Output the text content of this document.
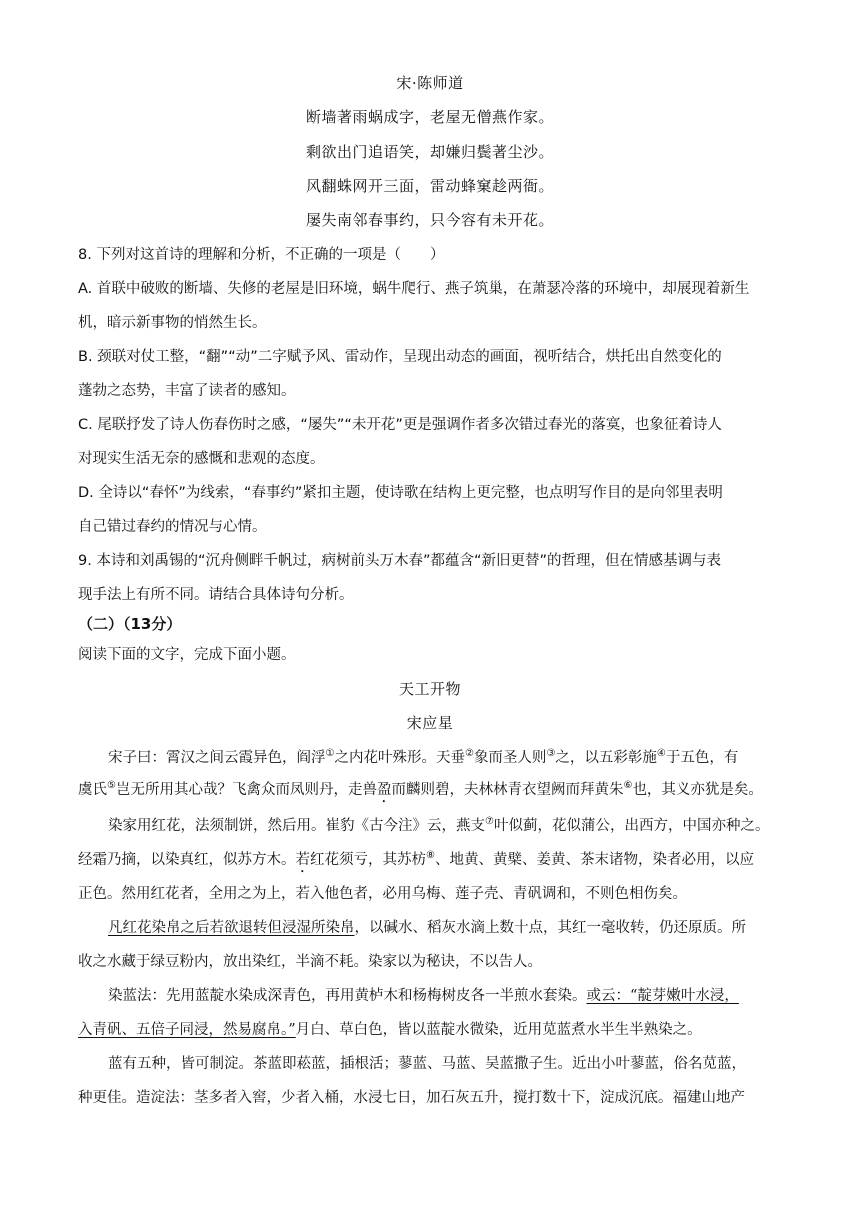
宋·陈师道
断墙著雨蜗成字，老屋无僧燕作家。
剩欲出门追语笑，却嫌归鬓著尘沙。
风翻蛛网开三面，雷动蜂窠趁两衙。
屡失南邻春事约，只今容有未开花。
8. 下列对这首诗的理解和分析，不正确的一项是（　　）
A. 首联中破败的断墙、失修的老屋是旧环境，蜗牛爬行、燕子筑巢，在萧瑟冷落的环境中，却展现着新生
机，暗示新事物的悄然生长。
B. 颈联对仗工整，“翻”“动”二字赋予风、雷动作，呈现出动态的画面，视听结合，烘托出自然变化的
蓬勃之态势，丰富了读者的感知。
C. 尾联抒发了诗人伤春伤时之感，“屡失”“未开花”更是强调作者多次错过春光的落寞，也象征着诗人
对现实生活无奈的感慨和悲观的态度。
D. 全诗以“春怀”为线索，“春事约”紧扣主题，使诗歌在结构上更完整，也点明写作目的是向邻里表明
自己错过春约的情况与心情。
9. 本诗和刘禹锡的“沉舟侧畔千帆过，病树前头万木春”都蕴含“新旧更替”的哲理，但在情感基调与表
现手法上有所不同。请结合具体诗句分析。
（二）（13分）
阅读下面的文字，完成下面小题。
天工开物
宋应星
宋子曰：霄汉之间云霞异色，阎浮①之内花叶殊形。天垂②象而圣人则③之，以五彩彰施④于五色，有
虞氏⑤岂无所用其心哉？飞禽众而凤则丹，走兽盈而麟则碧，夫林林青衣望阙而拜黄朱⑥也，其义亦犹是矣。
染家用红花，法须制饼，然后用。崔豹《古今注》云，燕支⑦叶似蓟，花似蒲公，出西方，中国亦种之。
经霜乃摘，以染真红，似苏方木。若红花须亏，其苏枋⑧、地黄、黄檗、姜黄、茶末诸物，染者必用，以应
正色。然用红花者，全用之为上，若入他色者，必用乌梅、莲子壳、青矾调和，不则色相伤矣。
凡红花染帛之后若欲退转但浸湿所染帛，以碱水、稻灰水滴上数十点，其红一毫收转，仍还原质。所
收之水藏于绿豆粉内，放出染红，半滴不耗。染家以为秘诀，不以告人。
染蓝法：先用蓝靛水染成深青色，再用黄栌木和杨梅树皮各一半煎水套染。或云：“靛芽嫩叶水浸，
入青矾、五倍子同浸，然易腐帛。”月白、草白色，皆以蓝靛水微染，近用苋蓝煮水半生半熟染之。
蓝有五种，皆可制淀。茶蓝即菘蓝，插根活；蓼蓝、马蓝、吴蓝撒子生。近出小叶蓼蓝，俗名苋蓝，
种更佳。造淀法：茎多者入窖，少者入桶，水浸七日，加石灰五升，搅打数十下，淀成沉底。福建山地产
